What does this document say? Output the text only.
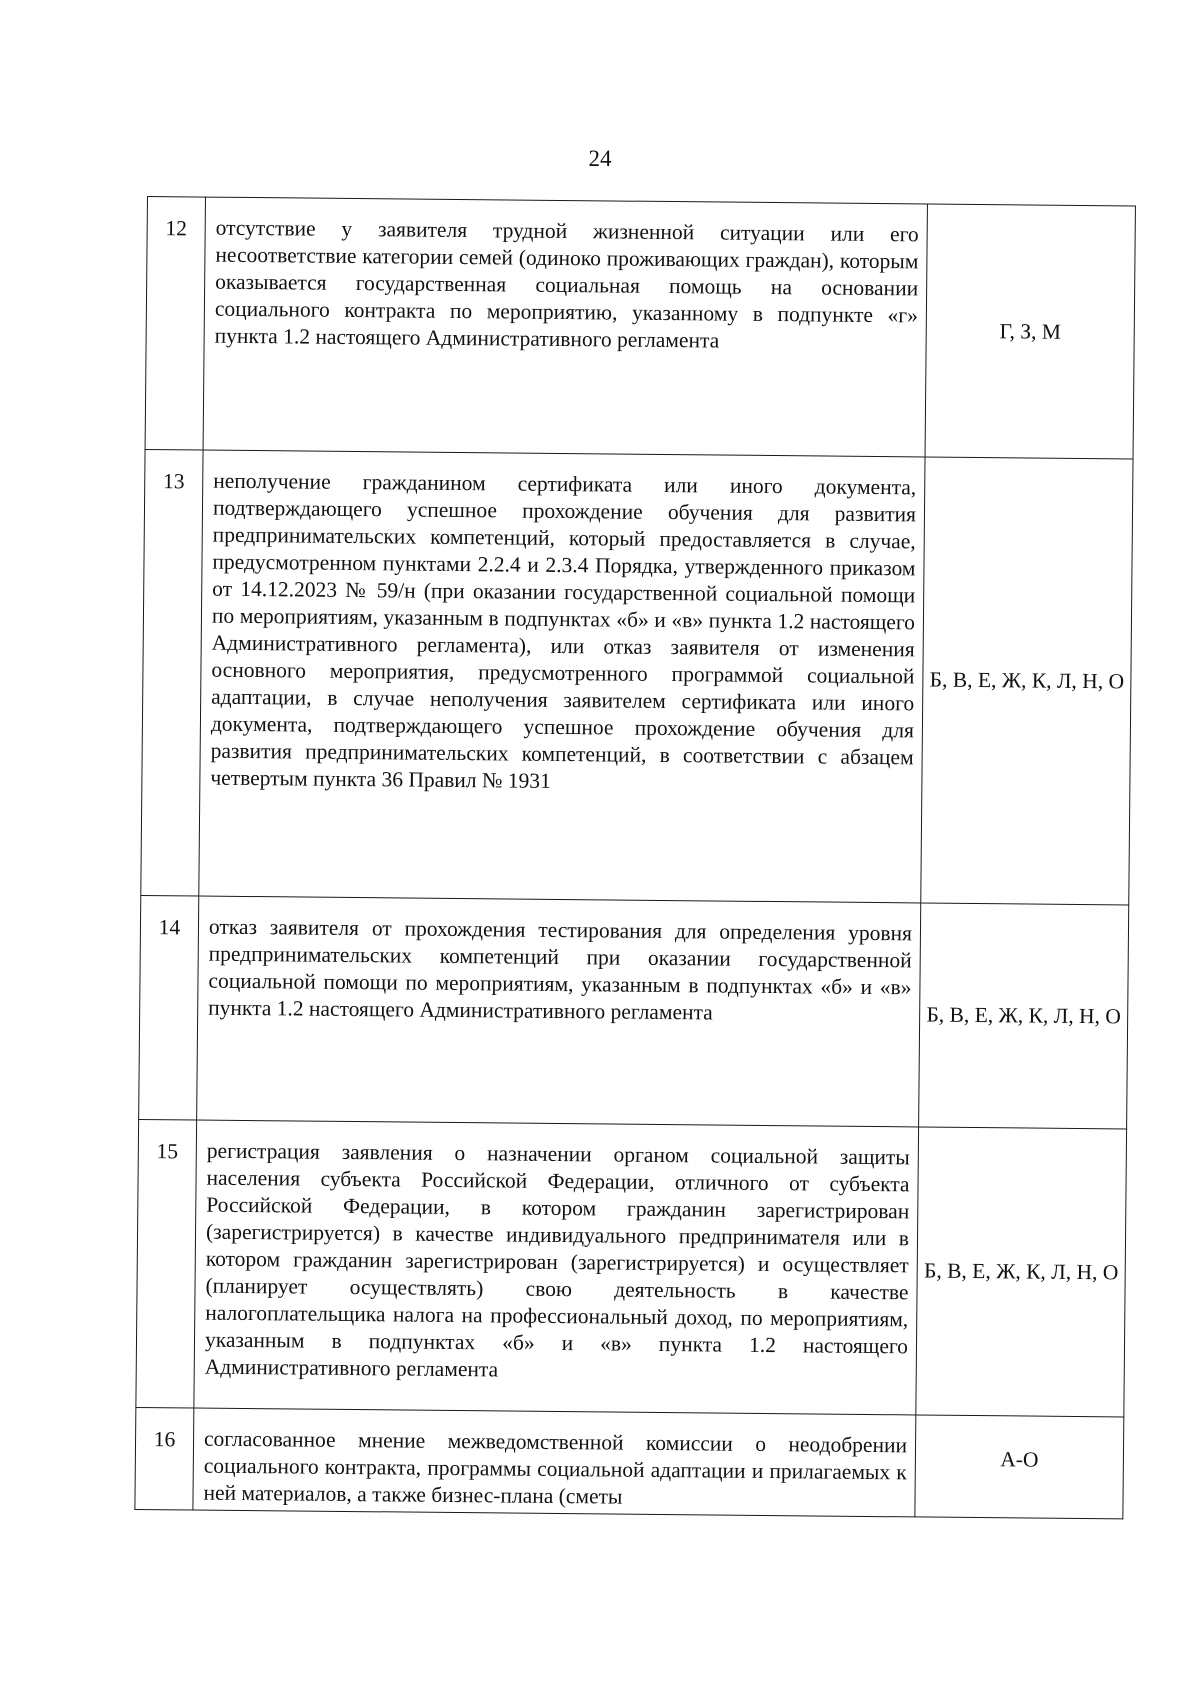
24
12	отсутствие у заявителя трудной жизненной ситуации или его несоответствие категории семей (одиноко проживающих граждан), которым оказывается государственная социальная помощь на основании социального контракта по мероприятию, указанному в подпункте «г» пункта 1.2 настоящего Административного регламента	Г, З, М
13	неполучение гражданином сертификата или иного документа, подтверждающего успешное прохождение обучения для развития предпринимательских компетенций, который предоставляется в случае, предусмотренном пунктами 2.2.4 и 2.3.4 Порядка, утвержденного приказом от 14.12.2023 № 59/н (при оказании государственной социальной помощи по мероприятиям, указанным в подпунктах «б» и «в» пункта 1.2 настоящего Административного регламента), или отказ заявителя от изменения основного мероприятия, предусмотренного программой социальной адаптации, в случае неполучения заявителем сертификата или иного документа, подтверждающего успешное прохождение обучения для развития предпринимательских компетенций, в соответствии с абзацем четвертым пункта 36 Правил № 1931	Б, В, Е, Ж, К, Л, Н, О
14	отказ заявителя от прохождения тестирования для определения уровня предпринимательских компетенций при оказании государственной социальной помощи по мероприятиям, указанным в подпунктах «б» и «в» пункта 1.2 настоящего Административного регламента	Б, В, Е, Ж, К, Л, Н, О
15	регистрация заявления о назначении органом социальной защиты населения субъекта Российской Федерации, отличного от субъекта Российской Федерации, в котором гражданин зарегистрирован (зарегистрируется) в качестве индивидуального предпринимателя или в котором гражданин зарегистрирован (зарегистрируется) и осуществляет (планирует осуществлять) свою деятельность в качестве налогоплательщика налога на профессиональный доход, по мероприятиям, указанным в подпунктах «б» и «в» пункта 1.2 настоящего Административного регламента	Б, В, Е, Ж, К, Л, Н, О
16	согласованное мнение межведомственной комиссии о неодобрении социального контракта, программы социальной адаптации и прилагаемых к ней материалов, а также бизнес-плана (сметы	А-О
